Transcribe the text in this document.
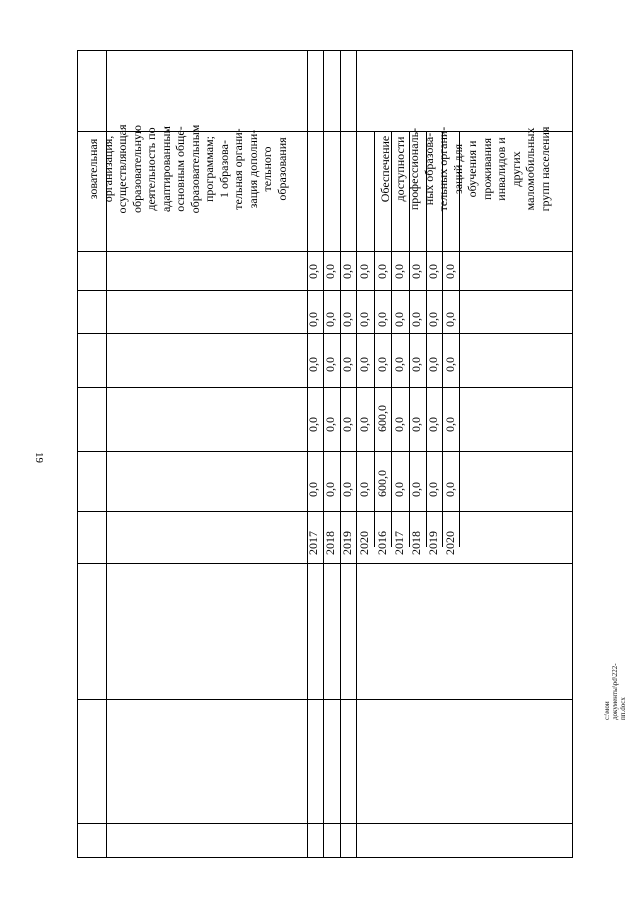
19
зовательная организация, осуществляющая образовательную деятельность по адаптированным основным обще- образовательным программам; 1 образова- тельная органи- зация дополни- тельного образования	Обеспечение доступности профессиональ- ных образова- тельных органи- заций для обучения и проживания инвалидов и других маломобильных групп населения
2017
0,0
0,0
0,0
0,0
0,0
2018
0,0
0,0
0,0
0,0
0,0
2019
0,0
0,0
0,0
0,0
0,0
2020
0,0
0,0
0,0
0,0
0,0
2016
600,0
600,0
0,0
0,0
0,0
2017
0,0
0,0
0,0
0,0
0,0
2018
0,0
0,0
0,0
0,0
0,0
2019
0,0
0,0
0,0
0,0
0,0
2020
0,0
0,0
0,0
0,0
0,0
c:\мои документы\pd\222-пп.docx
